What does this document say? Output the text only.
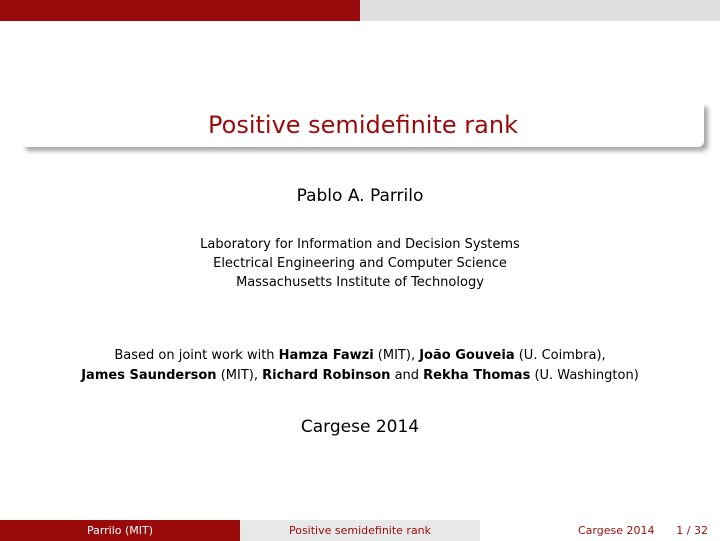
Positive semidefinite rank
Pablo A. Parrilo
Laboratory for Information and Decision Systems
Electrical Engineering and Computer Science
Massachusetts Institute of Technology
Based on joint work with Hamza Fawzi (MIT), João Gouveia (U. Coimbra),
James Saunderson (MIT), Richard Robinson and Rekha Thomas (U. Washington)
Cargese 2014
Parrilo (MIT)	Positive semidefinite rank	Cargese 2014 1 / 32
